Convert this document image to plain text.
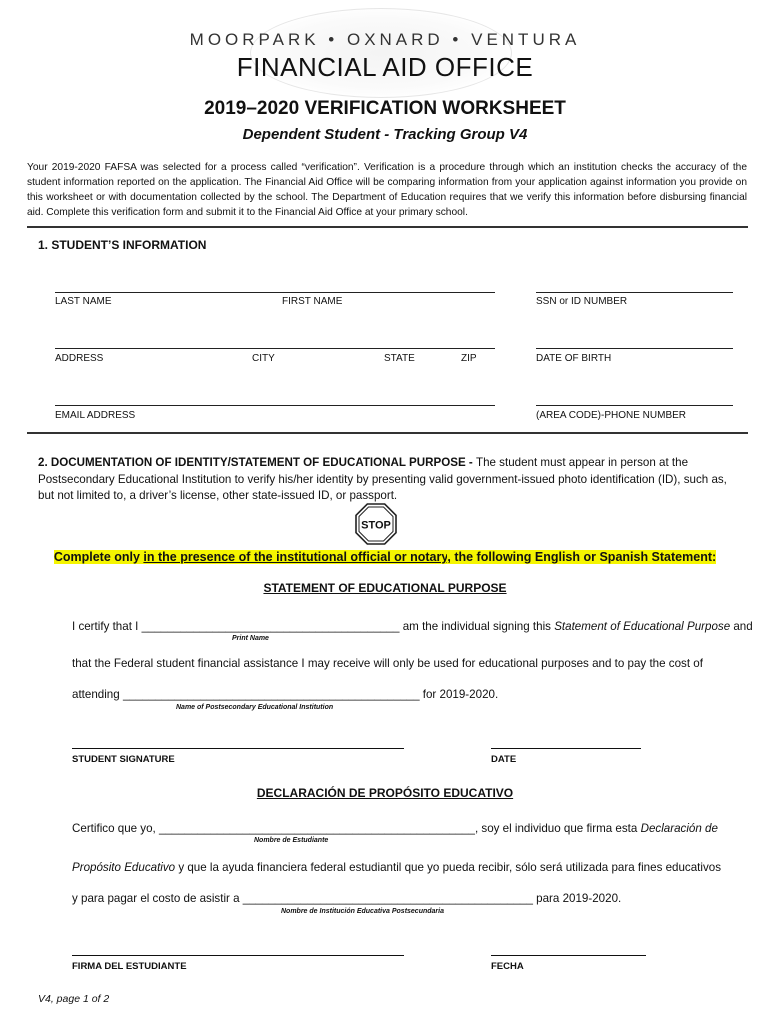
MOORPARK • OXNARD • VENTURA
FINANCIAL AID OFFICE
2019–2020 VERIFICATION WORKSHEET
Dependent Student - Tracking Group V4
Your 2019-2020 FAFSA was selected for a process called “verification”. Verification is a procedure through which an institution checks the accuracy of the student information reported on the application. The Financial Aid Office will be comparing information from your application against information you provide on this worksheet or with documentation collected by the school. The Department of Education requires that we verify this information before disbursing financial aid. Complete this verification form and submit it to the Financial Aid Office at your primary school.
1. STUDENT’S INFORMATION
LAST NAME	FIRST NAME	SSN or ID NUMBER
ADDRESS	CITY	STATE	ZIP	DATE OF BIRTH
EMAIL ADDRESS	(AREA CODE)-PHONE NUMBER
2. DOCUMENTATION OF IDENTITY/STATEMENT OF EDUCATIONAL PURPOSE - The student must appear in person at the Postsecondary Educational Institution to verify his/her identity by presenting valid government-issued photo identification (ID), such as, but not limited to, a driver’s license, other state-issued ID, or passport.
STOP
Complete only in the presence of the institutional official or notary, the following English or Spanish Statement:
STATEMENT OF EDUCATIONAL PURPOSE
I certify that I ________________________________________ am the individual signing this Statement of Educational Purpose and
Print Name
that the Federal student financial assistance I may receive will only be used for educational purposes and to pay the cost of
attending ______________________________________________ for 2019-2020.
Name of Postsecondary Educational Institution
STUDENT SIGNATURE	DATE
DECLARACIÓN DE PROPÓSITO EDUCATIVO
Certifico que yo, _________________________________________________, soy el individuo que firma esta Declaración de
Nombre de Estudiante
Propósito Educativo y que la ayuda financiera federal estudiantil que yo pueda recibir, sólo será utilizada para fines educativos
y para pagar el costo de asistir a _____________________________________________ para 2019-2020.
Nombre de Institución Educativa Postsecundaria
FIRMA DEL ESTUDIANTE	FECHA
V4, page 1 of 2
